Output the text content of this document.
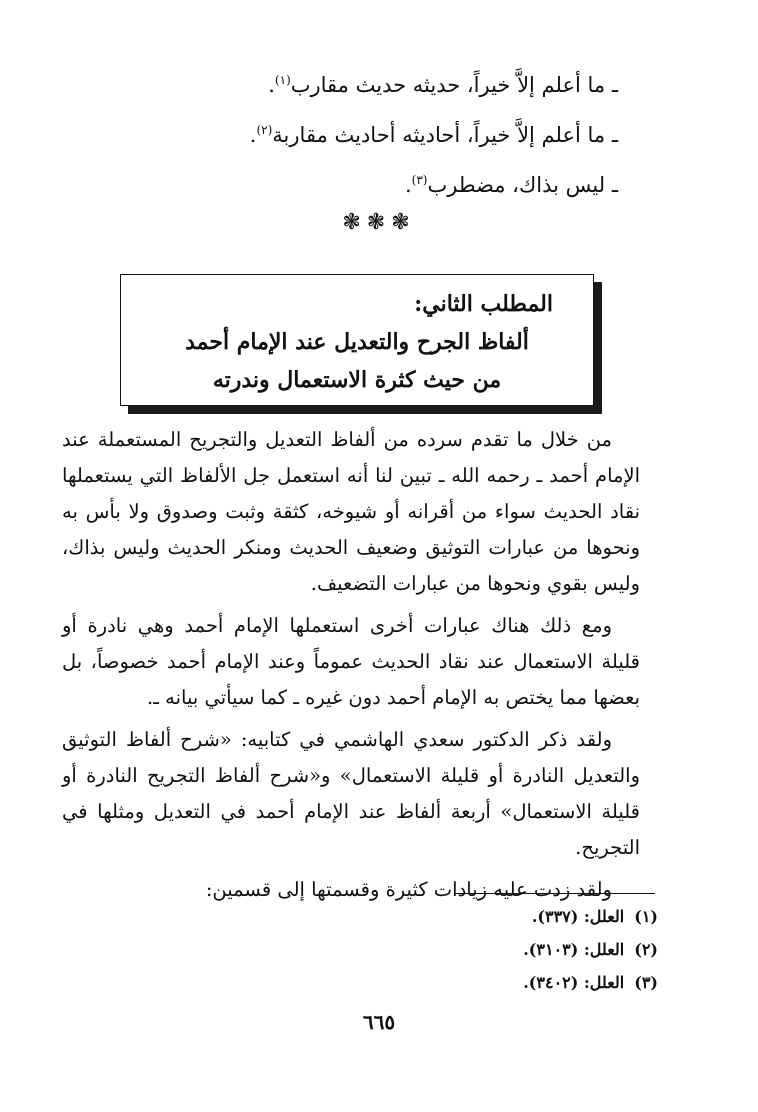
ـ ما أعلم إلاَّ خيراً، حديثه حديث مقارب$^{(١)}$.
ـ ما أعلم إلاَّ خيراً، أحاديثه أحاديث مقاربة$^{(٢)}$.
ـ ليس بذاك، مضطرب$^{(٣)}$.
❃❃❃
المطلب الثاني:
ألفاظ الجرح والتعديل عند الإمام أحمد
من حيث كثرة الاستعمال وندرته

من خلال ما تقدم سرده من ألفاظ التعديل والتجريح المستعملة عند الإمام أحمد ـ رحمه الله ـ تبين لنا أنه استعمل جل الألفاظ التي يستعملها نقاد الحديث سواء من أقرانه أو شيوخه، كثقة وثبت وصدوق ولا بأس به ونحوها من عبارات التوثيق وضعيف الحديث ومنكر الحديث وليس بذاك، وليس بقوي ونحوها من عبارات التضعيف.

ومع ذلك هناك عبارات أخرى استعملها الإمام أحمد وهي نادرة أو قليلة الاستعمال عند نقاد الحديث عموماً وعند الإمام أحمد خصوصاً، بل بعضها مما يختص به الإمام أحمد دون غيره ـ كما سيأتي بيانه ـ.

ولقد ذكر الدكتور سعدي الهاشمي في كتابيه: «شرح ألفاظ التوثيق والتعديل النادرة أو قليلة الاستعمال» و«شرح ألفاظ التجريح النادرة أو قليلة الاستعمال» أربعة ألفاظ عند الإمام أحمد في التعديل ومثلها في التجريح.

ولقد زدت عليه زيادات كثيرة وقسمتها إلى قسمين:

(١)العلل: (٣٣٧).
(٢)العلل: (٣١٠٣).
(٣)العلل: (٣٤٠٢).
٦٦٥
